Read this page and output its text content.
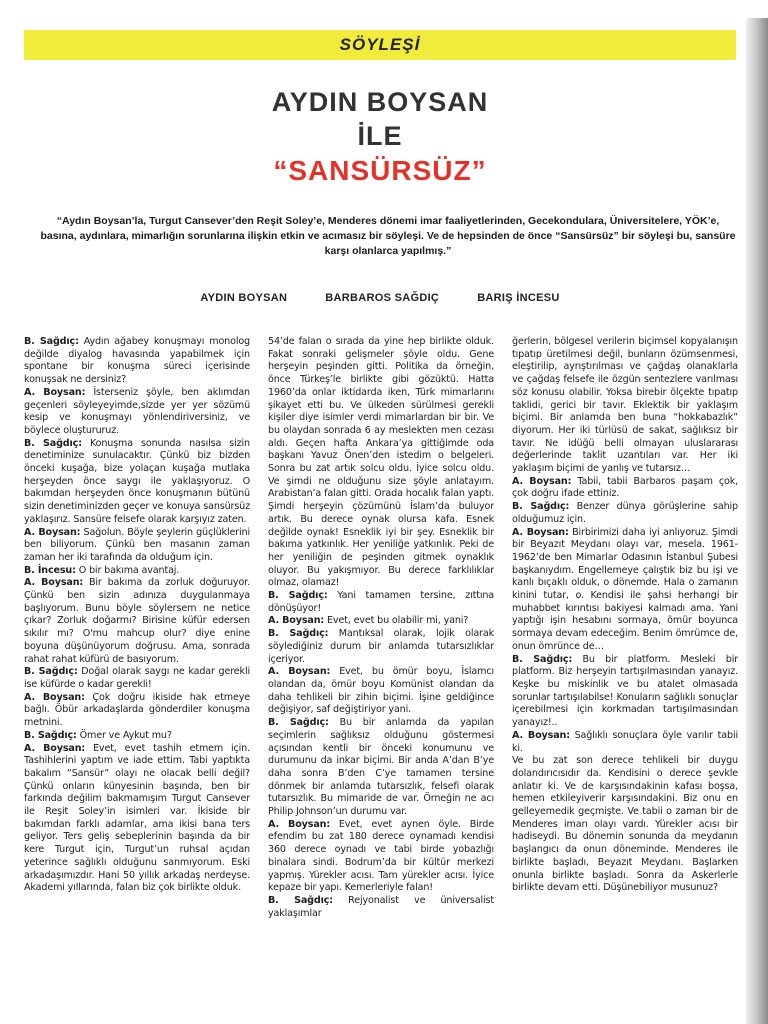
SÖYLEŞİ
AYDIN BOYSAN
İLE
“SANSÜRSÜZ”
“Aydın Boysan’la, Turgut Cansever’den Reşit Soley’e, Menderes dönemi imar faaliyetlerinden, Gecekondulara, Üniversitelere, YÖK’e, basına, aydınlara, mimarlığın sorunlarına ilişkin etkin ve acımasız bir söyleşi. Ve de hepsinden de önce “Sansürsüz” bir söyleşi bu, sansüre karşı olanlarca yapılmış.”
AYDIN BOYSAN	BARBAROS SAĞDIÇ	BARIŞ İNCESU

B. Sağdıç: Aydın ağabey konuşmayı monolog değilde diyalog havasında yapabilmek için spontane bir konuşma süreci içerisinde konuşsak ne dersiniz?

A. Boysan: İsterseniz şöyle, ben aklımdan geçenleri söyleyeyimde,sizde yer yer sözümü kesip ve konuşmayı yönlendiriversiniz, ve böylece oluştururuz.

B. Sağdıç: Konuşma sonunda nasılsa sizin denetiminize sunulacaktır. Çünkü biz bizden önceki kuşağa, bize yolaçan kuşağa mutlaka herşeyden önce saygı ile yaklaşıyoruz. O bakımdan herşeyden önce konuşmanın bütünü sizin denetiminizden geçer ve konuya sansürsüz yaklaşırız. Sansüre felsefe olarak karşıyız zaten.

A. Boysan: Sağolun. Böyle şeylerin güçlüklerini ben biliyorum. Çünkü ben masanın zaman zaman her iki tarafında da olduğum için.

B. İncesu: O bir bakıma avantaj.

A. Boysan: Bir bakıma da zorluk doğuruyor. Çünkü ben sizin adınıza duygulanmaya başlıyorum. Bunu böyle söylersem ne netice çıkar? Zorluk doğarmı? Birisine küfür edersen sıkılır mı? O'mu mahcup olur? diye enine boyuna düşünüyorum doğrusu. Ama, sonrada rahat rahat küfürü de basıyorum.

B. Sağdıç: Doğal olarak saygı ne kadar gerekli ise küfürde o kadar gerekli!

A. Boysan: Çok doğru ikiside hak etmeye bağlı. Öbür arkadaşlarda gönderdiler konuşma metnini.

B. Sağdıç: Ömer ve Aykut mu?

A. Boysan: Evet, evet tashih etmem için. Tashihlerini yaptım ve iade ettim. Tabi yaptıkta bakalım “Sansür” olayı ne olacak belli değil? Çünkü onların künyesinin başında, ben bir farkında değilim bakmamışım Turgut Cansever ile Reşit Soley’in isimleri var. İkiside bir bakımdan farklı adamlar, ama ikisi bana ters geliyor. Ters geliş sebeplerinin başında da bir kere Turgut için, Turgut’un ruhsal açıdan yeterince sağlıklı olduğunu sanmıyorum. Eski arkadaşımızdır. Hani 50 yıllık arkadaş nerdeyse. Akademi yıllarında, falan biz çok birlikte olduk.

54’de falan o sırada da yine hep birlikte olduk. Fakat sonraki gelişmeler şöyle oldu. Gene herşeyin peşinden gitti. Politika da örneğin, önce Türkeş’le birlikte gibi gözüktü. Hatta 1960’da onlar iktidarda iken, Türk mimarlarını şikayet etti bu. Ve ülkeden sürülmesi gerekli kişiler diye isimler verdi mimarlardan bir bir. Ve bu olaydan sonrada 6 ay meslekten men cezası aldı. Geçen hafta Ankara’ya gittiğimde oda başkanı Yavuz Önen’den istedim o belgeleri. Sonra bu zat artık solcu oldu. İyice solcu oldu. Ve şimdi ne olduğunu size şöyle anlatayım. Arabistan’a falan gitti. Orada hocalık falan yaptı. Şimdi herşeyin çözümünü İslam’da buluyor artık. Bu derece oynak olursa kafa. Esnek değilde oynak! Esneklik iyi bir şey. Esneklik bir bakıma yatkınlık. Her yeniliğe yatkınlık. Peki de her yeniliğin de peşinden gitmek oynaklık oluyor. Bu yakışmıyor. Bu derece farklılıklar olmaz, olamaz!

B. Sağdıç: Yani tamamen tersine, zıttına dönüşüyor!

A. Boysan: Evet, evet bu olabilir mi, yani?

B. Sağdıç: Mantıksal olarak, lojik olarak söylediğiniz durum bir anlamda tutarsızlıklar içeriyor.

A. Boysan: Evet, bu ömür boyu, İslamcı olandan da, ömür boyu Komünist olandan da daha tehlikeli bir zihin biçimi. İşine geldiğince değişiyor, saf değiştiriyor yani.

B. Sağdıç: Bu bir anlamda da yapılan seçimlerin sağlıksız olduğunu göstermesi açısından kentli bir önceki konumunu ve durumunu da inkar biçimi. Bir anda A’dan B’ye daha sonra B’den C’ye tamamen tersine dönmek bir anlamda tutarsızlık, felsefi olarak tutarsızlık. Bu mimaride de var. Örneğin ne acı Philip Johnson’un durumu var.

A. Boysan: Evet, evet aynen öyle. Birde efendim bu zat 180 derece oynamadı kendisi 360 derece oynadı ve tabi birde yobazlığı binalara sindi. Bodrum’da bir kültür merkezi yapmış. Yürekler acısı. Tam yürekler acısı. İyice kepaze bir yapı. Kemerleriyle falan!

B. Sağdıç: Rejyonalist ve üniversalist yaklaşımlar

ğerlerin, bölgesel verilerin biçimsel kopyalanışın tıpatıp üretilmesi değil, bunların özümsenmesi, eleştirilip, ayrıştırılması ve çağdaş olanaklarla ve çağdaş felsefe ile özgün sentezlere varılması söz konusu olabilir. Yoksa birebir ölçekte tıpatıp taklidi, gerici bir tavır. Eklektik bir yaklaşım biçimi. Bir anlamda ben buna “hokkabazlık” diyorum. Her iki türlüsü de sakat, sağlıksız bir tavır. Ne idüğü belli olmayan uluslararası değerlerinde taklit uzantıları var. Her iki yaklaşım biçimi de yanlış ve tutarsız…

A. Boysan: Tabii, tabii Barbaros paşam çok, çok doğru ifade ettiniz.

B. Sağdıç: Benzer dünya görüşlerine sahip olduğumuz için.

A. Boysan: Birbirimizi daha iyi anlıyoruz. Şimdi bir Beyazıt Meydanı olayı var, mesela. 1961-1962’de ben Mimarlar Odasının İstanbul Şubesi başkanıydım. Engellemeye çalıştık biz bu işi ve kanlı bıçaklı olduk, o dönemde. Hala o zamanın kinini tutar, o. Kendisi ile şahsi herhangi bir muhabbet kırıntısı bakiyesi kalmadı ama. Yani yaptığı işin hesabını sormaya, ömür boyunca sormaya devam edeceğim. Benim ömrümce de, onun ömrünce de…

B. Sağdıç: Bu bir platform. Mesleki bir platform. Biz herşeyin tartışılmasından yanayız. Keşke bu miskinlik ve bu atalet olmasada sorunlar tartışılabilse! Konuların sağlıklı sonuçlar içerebilmesi için korkmadan tartışılmasından yanayız!..

A. Boysan: Sağlıklı sonuçlara öyle varılır tabii ki.

Ve bu zat son derece tehlikeli bir duygu dolandırıcısıdır da. Kendisini o derece şevkle anlatır ki. Ve de karşısındakinin kafası boşsa, hemen etkileyiverir karşısındakini. Biz onu en gelleyemedik geçmişte. Ve tabii o zaman bir de Menderes imarı olayı vardı. Yürekler acısı bir hadiseydi. Bu dönemin sonunda da meydanın başlangıcı da onun döneminde. Menderes ile birlikte başladı, Beyazıt Meydanı. Başlarken onunla birlikte başladı. Sonra da Askerlerle birlikte devam etti. Düşünebiliyor musunuz?
